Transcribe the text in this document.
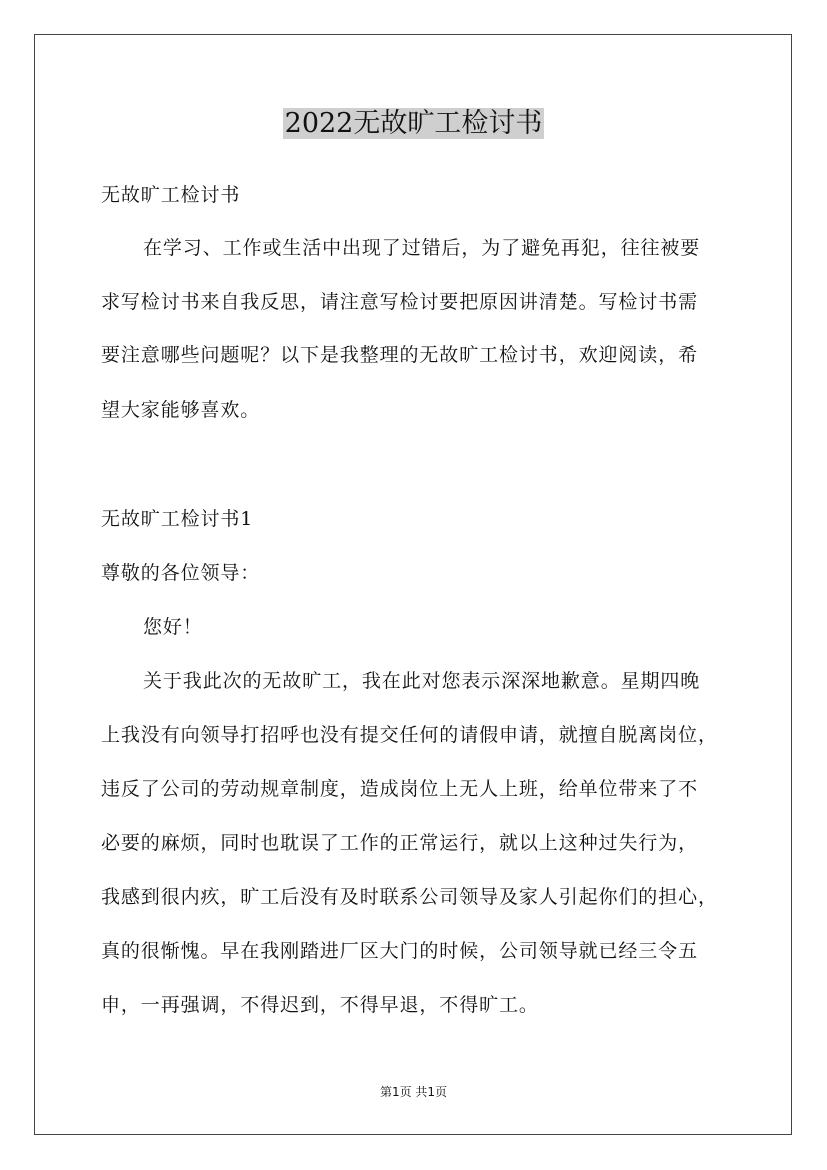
2022无故旷工检讨书
无故旷工检讨书
在学习、工作或生活中出现了过错后，为了避免再犯，往往被要
求写检讨书来自我反思，请注意写检讨要把原因讲清楚。写检讨书需
要注意哪些问题呢？以下是我整理的无故旷工检讨书，欢迎阅读，希
望大家能够喜欢。
无故旷工检讨书1
尊敬的各位领导：
您好！
关于我此次的无故旷工，我在此对您表示深深地歉意。星期四晚
上我没有向领导打招呼也没有提交任何的请假申请，就擅自脱离岗位，
违反了公司的劳动规章制度，造成岗位上无人上班，给单位带来了不
必要的麻烦，同时也耽误了工作的正常运行，就以上这种过失行为，
我感到很内疚，旷工后没有及时联系公司领导及家人引起你们的担心，
真的很惭愧。早在我刚踏进厂区大门的时候，公司领导就已经三令五
申，一再强调，不得迟到，不得早退，不得旷工。
第1页 共1页
